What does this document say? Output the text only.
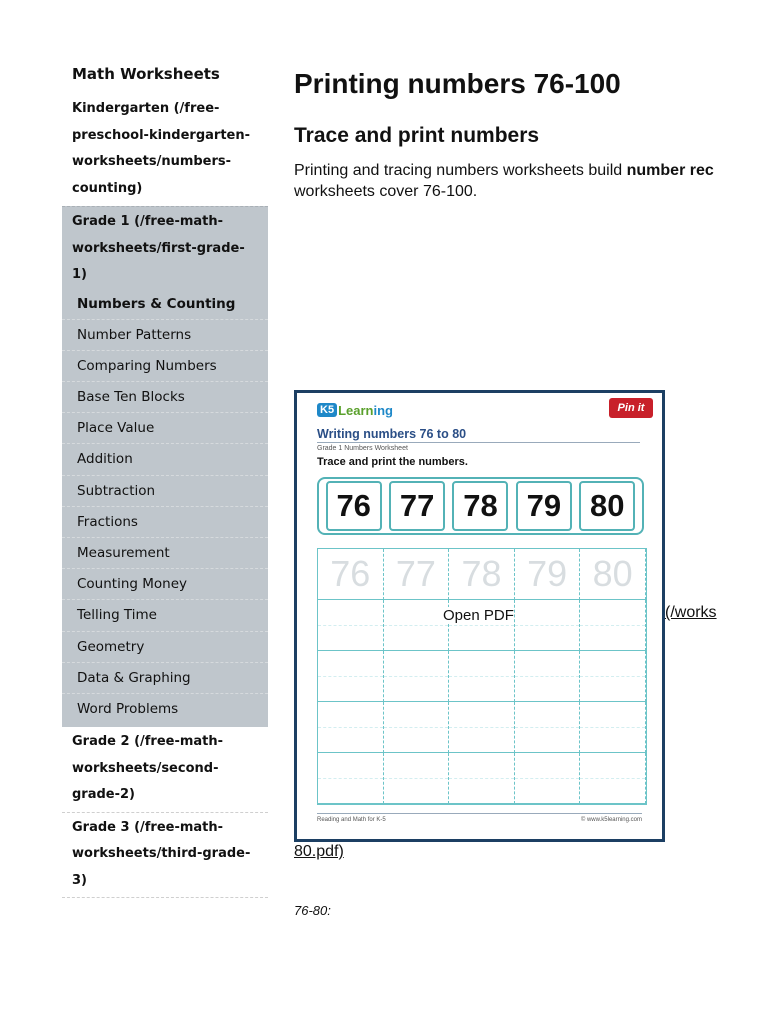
Math Worksheets
Kindergarten (/free-preschool-kindergarten-worksheets/numbers-counting)
Grade 1 (/free-math-worksheets/first-grade-1)
Numbers & Counting
Number Patterns
Comparing Numbers
Base Ten Blocks
Place Value
Addition
Subtraction
Fractions
Measurement
Counting Money
Telling Time
Geometry
Data & Graphing
Word Problems
Grade 2 (/free-math-worksheets/second-grade-2)
Grade 3 (/free-math-worksheets/third-grade-3)
Printing numbers 76-100
Trace and print numbers

Printing and tracing numbers worksheets build number rec
worksheets cover 76-100.

K5 Learning	Pin it
Writing numbers 76 to 80
Grade 1 Numbers Worksheet
Trace and print the numbers.
76 77 78 79 80
76 77 78 79 80
Open PDF
Reading and Math for K-5	© www.k5learning.com
(/works
80.pdf)
76-80:
